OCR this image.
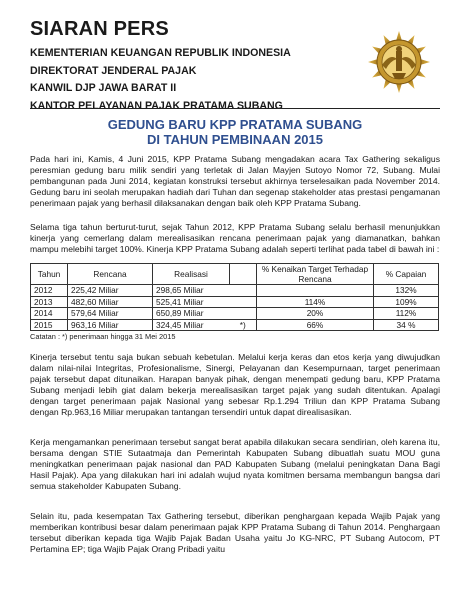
SIARAN PERS
KEMENTERIAN KEUANGAN REPUBLIK INDONESIA
DIREKTORAT JENDERAL PAJAK
KANWIL DJP JAWA BARAT II
KANTOR PELAYANAN PAJAK PRATAMA SUBANG
GEDUNG BARU KPP PRATAMA SUBANG
DI TAHUN PEMBINAAN 2015

Pada hari ini, Kamis, 4 Juni 2015, KPP Pratama Subang mengadakan acara Tax Gathering sekaligus peresmian gedung baru milik sendiri yang terletak di Jalan Mayjen Sutoyo Nomor 72, Subang. Mulai pembangunan pada Juni 2014, kegiatan konstruksi tersebut akhirnya terselesaikan pada November 2014. Gedung baru ini seolah merupakan hadiah dari Tuhan dan segenap stakeholder atas prestasi pengamanan penerimaan pajak yang berhasil dilaksanakan dengan baik oleh KPP Pratama Subang.

Selama tiga tahun berturut-turut, sejak Tahun 2012, KPP Pratama Subang selalu berhasil menunjukkan kinerja yang cemerlang dalam merealisasikan rencana penerimaan pajak yang diamanatkan, bahkan mampu melebihi target 100%. Kinerja KPP Pratama Subang adalah seperti terlihat pada tabel di bawah ini :

Tahun	Rencana	Realisasi		% Kenaikan Target Terhadap Rencana	% Capaian
2012	225,42 Miliar	298,65 Miliar			132%
2013	482,60 Miliar	525,41 Miliar		114%	109%
2014	579,64 Miliar	650,89 Miliar		20%	112%
2015	963,16 Miliar	324,45 Miliar	*)	66%	34 %
Catatan : *) penerimaan hingga 31 Mei 2015

Kinerja tersebut tentu saja bukan sebuah kebetulan. Melalui kerja keras dan etos kerja yang diwujudkan dalam nilai-nilai Integritas, Profesionalisme, Sinergi, Pelayanan dan Kesempurnaan, target penerimaan pajak tersebut dapat ditunaikan. Harapan banyak pihak, dengan menempati gedung baru, KPP Pratama Subang menjadi lebih giat dalam bekerja merealisasikan target pajak yang sudah ditentukan. Apalagi dengan target penerimaan pajak Nasional yang sebesar Rp.1.294 Triliun dan KPP Pratama Subang dengan Rp.963,16 Miliar merupakan tantangan tersendiri untuk dapat direalisasikan.

Kerja mengamankan penerimaan tersebut sangat berat apabila dilakukan secara sendirian, oleh karena itu, bersama dengan STIE Sutaatmaja dan Pemerintah Kabupaten Subang dibuatlah suatu MOU guna meningkatkan penerimaan pajak nasional dan PAD Kabupaten Subang (melalui peningkatan Dana Bagi Hasil Pajak). Apa yang dilakukan hari ini adalah wujud nyata komitmen bersama membangun bangsa dari semua stakeholder Kabupaten Subang.

Selain itu, pada kesempatan Tax Gathering tersebut, diberikan penghargaan kepada Wajib Pajak yang memberikan kontribusi besar dalam penerimaan pajak KPP Pratama Subang di Tahun 2014. Penghargaan tersebut diberikan kepada tiga Wajib Pajak Badan Usaha yaitu Jo KG-NRC, PT Subang Autocom, PT Pertamina EP; tiga Wajib Pajak Orang Pribadi yaitu
